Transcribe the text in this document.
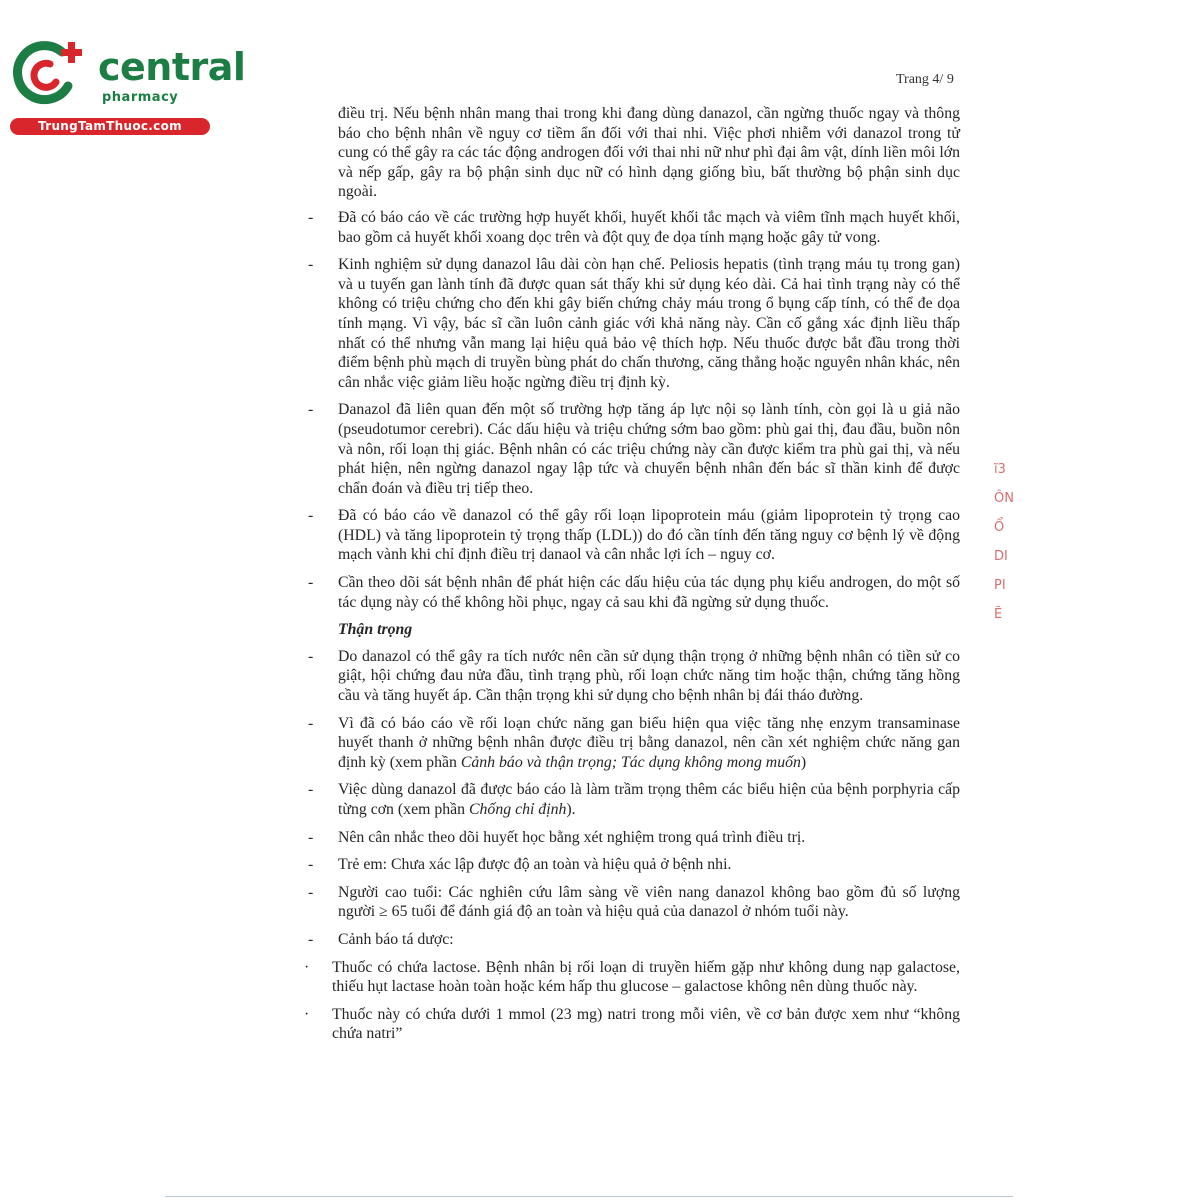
central
pharmacy
TrungTamThuoc.com
Trang 4/ 9

điều trị. Nếu bệnh nhân mang thai trong khi đang dùng danazol, cần ngừng thuốc ngay và thông báo cho bệnh nhân về nguy cơ tiềm ẩn đối với thai nhi. Việc phơi nhiễm với danazol trong tử cung có thể gây ra các tác động androgen đối với thai nhi nữ như phì đại âm vật, dính liền môi lớn và nếp gấp, gây ra bộ phận sinh dục nữ có hình dạng giống bìu, bất thường bộ phận sinh dục ngoài.

- Đã có báo cáo về các trường hợp huyết khối, huyết khối tắc mạch và viêm tĩnh mạch huyết khối, bao gồm cả huyết khối xoang dọc trên và đột quỵ đe dọa tính mạng hoặc gây tử vong.
- Kinh nghiệm sử dụng danazol lâu dài còn hạn chế. Peliosis hepatis (tình trạng máu tụ trong gan) và u tuyến gan lành tính đã được quan sát thấy khi sử dụng kéo dài. Cả hai tình trạng này có thể không có triệu chứng cho đến khi gây biến chứng chảy máu trong ổ bụng cấp tính, có thể đe dọa tính mạng. Vì vậy, bác sĩ cần luôn cảnh giác với khả năng này. Cần cố gắng xác định liều thấp nhất có thể nhưng vẫn mang lại hiệu quả bảo vệ thích hợp. Nếu thuốc được bắt đầu trong thời điểm bệnh phù mạch di truyền bùng phát do chấn thương, căng thẳng hoặc nguyên nhân khác, nên cân nhắc việc giảm liều hoặc ngừng điều trị định kỳ.
- Danazol đã liên quan đến một số trường hợp tăng áp lực nội sọ lành tính, còn gọi là u giả não (pseudotumor cerebri). Các dấu hiệu và triệu chứng sớm bao gồm: phù gai thị, đau đầu, buồn nôn và nôn, rối loạn thị giác. Bệnh nhân có các triệu chứng này cần được kiểm tra phù gai thị, và nếu phát hiện, nên ngừng danazol ngay lập tức và chuyển bệnh nhân đến bác sĩ thần kinh để được chẩn đoán và điều trị tiếp theo.
- Đã có báo cáo về danazol có thể gây rối loạn lipoprotein máu (giảm lipoprotein tỷ trọng cao (HDL) và tăng lipoprotein tỷ trọng thấp (LDL)) do đó cần tính đến tăng nguy cơ bệnh lý về động mạch vành khi chỉ định điều trị danaol và cân nhắc lợi ích – nguy cơ.
- Cần theo dõi sát bệnh nhân để phát hiện các dấu hiệu của tác dụng phụ kiểu androgen, do một số tác dụng này có thể không hồi phục, ngay cả sau khi đã ngừng sử dụng thuốc.
Thận trọng
- Do danazol có thể gây ra tích nước nên cần sử dụng thận trọng ở những bệnh nhân có tiền sử co giật, hội chứng đau nửa đầu, tình trạng phù, rối loạn chức năng tim hoặc thận, chứng tăng hồng cầu và tăng huyết áp. Cần thận trọng khi sử dụng cho bệnh nhân bị đái tháo đường.
- Vì đã có báo cáo về rối loạn chức năng gan biểu hiện qua việc tăng nhẹ enzym transaminase huyết thanh ở những bệnh nhân được điều trị bằng danazol, nên cần xét nghiệm chức năng gan định kỳ (xem phần Cảnh báo và thận trọng; Tác dụng không mong muốn)
- Việc dùng danazol đã được báo cáo là làm trầm trọng thêm các biểu hiện của bệnh porphyria cấp từng cơn (xem phần Chống chỉ định).
- Nên cân nhắc theo dõi huyết học bằng xét nghiệm trong quá trình điều trị.
- Trẻ em: Chưa xác lập được độ an toàn và hiệu quả ở bệnh nhi.
- Người cao tuổi: Các nghiên cứu lâm sàng về viên nang danazol không bao gồm đủ số lượng người ≥ 65 tuổi để đánh giá độ an toàn và hiệu quả của danazol ở nhóm tuổi này.
- Cảnh báo tá dược:
· Thuốc có chứa lactose. Bệnh nhân bị rối loạn di truyền hiếm gặp như không dung nạp galactose, thiếu hụt lactase hoàn toàn hoặc kém hấp thu glucose – galactose không nên dùng thuốc này.
· Thuốc này có chứa dưới 1 mmol (23 mg) natri trong mỗi viên, về cơ bản được xem như “không chứa natri”
ĩ3
ÔN
Ổ
DI
PI
Ẽ
